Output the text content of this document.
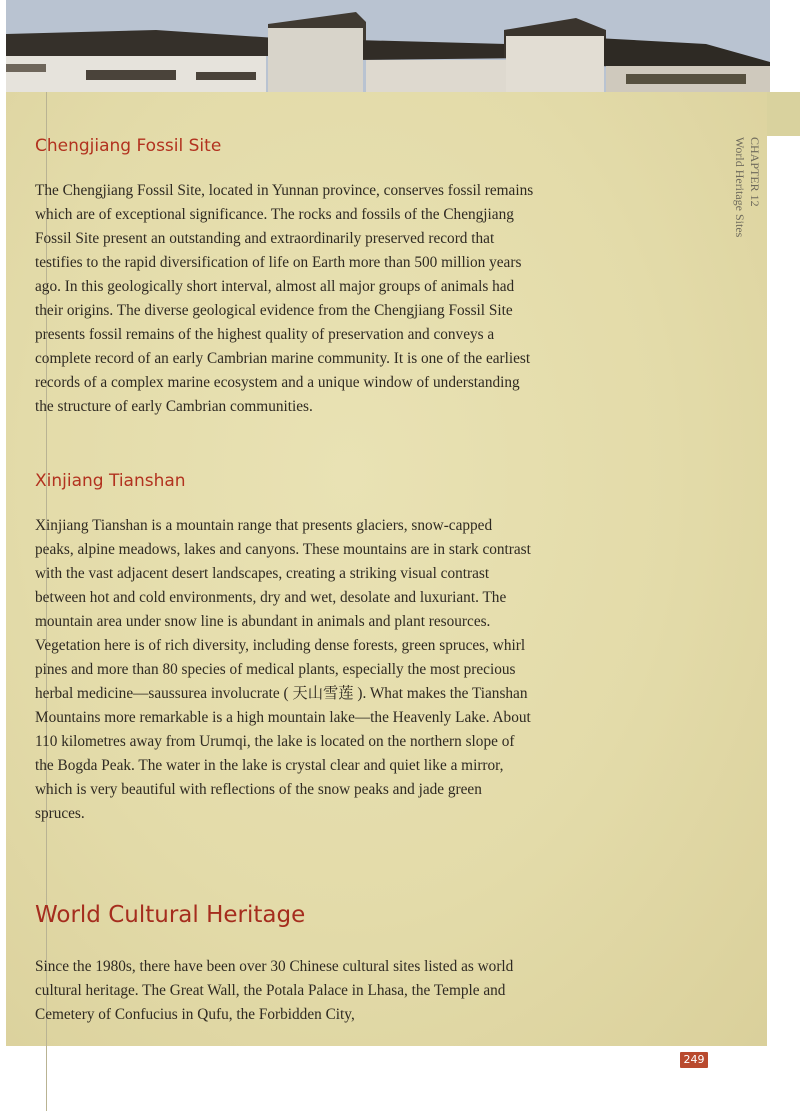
Chengjiang Fossil Site

The Chengjiang Fossil Site, located in Yunnan province, conserves fossil remains which are of exceptional significance. The rocks and fossils of the Chengjiang Fossil Site present an outstanding and extraordinarily preserved record that testifies to the rapid diversification of life on Earth more than 500 million years ago. In this geologically short interval, almost all major groups of animals had their origins. The diverse geological evidence from the Chengjiang Fossil Site presents fossil remains of the highest quality of preservation and conveys a complete record of an early Cambrian marine community. It is one of the earliest records of a complex marine ecosystem and a unique window of understanding the structure of early Cambrian communities.

Xinjiang Tianshan

Xinjiang Tianshan is a mountain range that presents glaciers, snow-capped peaks, alpine meadows, lakes and canyons. These mountains are in stark contrast with the vast adjacent desert landscapes, creating a striking visual contrast between hot and cold environments, dry and wet, desolate and luxuriant. The mountain area under snow line is abundant in animals and plant resources. Vegetation here is of rich diversity, including dense forests, green spruces, whirl pines and more than 80 species of medical plants, especially the most precious herbal medicine—saussurea involucrate ( 天山雪莲 ). What makes the Tianshan Mountains more remarkable is a high mountain lake—the Heavenly Lake. About 110 kilometres away from Urumqi, the lake is located on the northern slope of the Bogda Peak. The water in the lake is crystal clear and quiet like a mirror, which is very beautiful with reflections of the snow peaks and jade green spruces.

World Cultural Heritage

Since the 1980s, there have been over 30 Chinese cultural sites listed as world cultural heritage. The Great Wall, the Potala Palace in Lhasa, the Temple and Cemetery of Confucius in Qufu, the Forbidden City,

CHAPTER 12
World Heritage Sites
249
